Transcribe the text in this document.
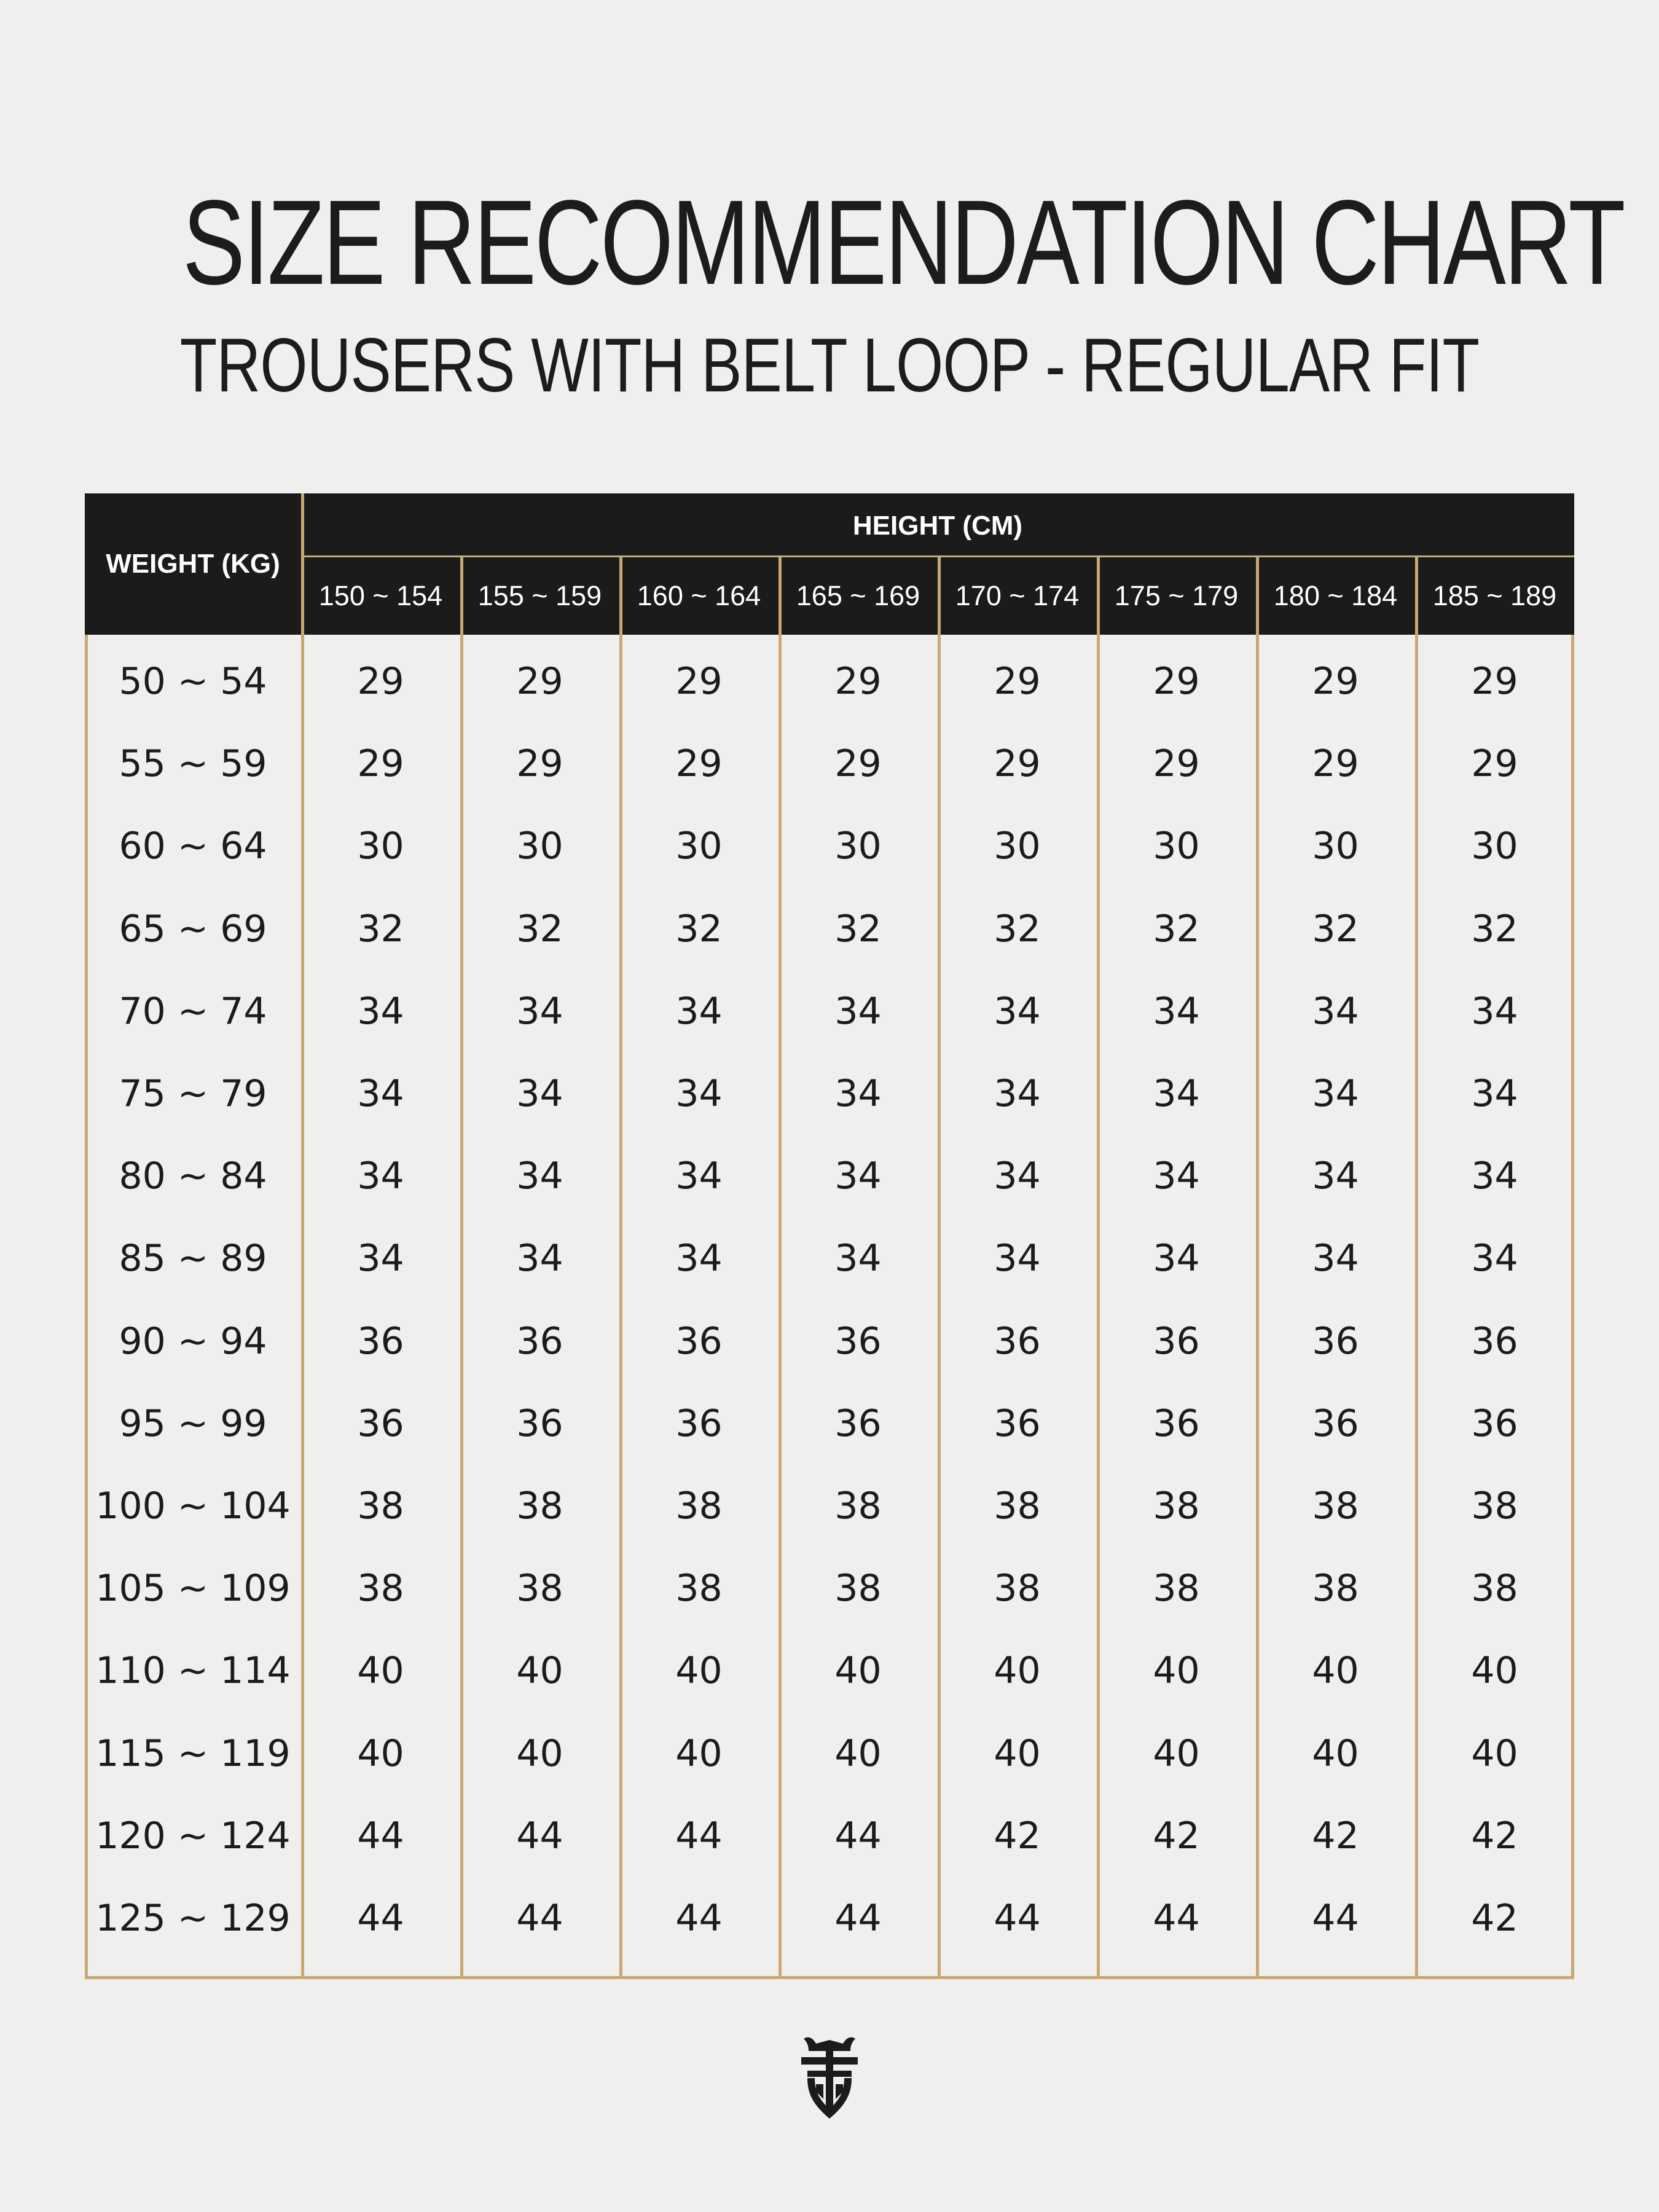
SIZE RECOMMENDATION CHART
TROUSERS WITH BELT LOOP - REGULAR FIT
WEIGHT (KG)
HEIGHT (CM)
150 ~ 154	155 ~ 159	160 ~ 164	165 ~ 169	170 ~ 174	175 ~ 179	180 ~ 184	185 ~ 189
50 ~ 54	29	29	29	29	29	29	29	29
55 ~ 59	29	29	29	29	29	29	29	29
60 ~ 64	30	30	30	30	30	30	30	30
65 ~ 69	32	32	32	32	32	32	32	32
70 ~ 74	34	34	34	34	34	34	34	34
75 ~ 79	34	34	34	34	34	34	34	34
80 ~ 84	34	34	34	34	34	34	34	34
85 ~ 89	34	34	34	34	34	34	34	34
90 ~ 94	36	36	36	36	36	36	36	36
95 ~ 99	36	36	36	36	36	36	36	36
100 ~ 104	38	38	38	38	38	38	38	38
105 ~ 109	38	38	38	38	38	38	38	38
110 ~ 114	40	40	40	40	40	40	40	40
115 ~ 119	40	40	40	40	40	40	40	40
120 ~ 124	44	44	44	44	42	42	42	42
125 ~ 129	44	44	44	44	44	44	44	42
